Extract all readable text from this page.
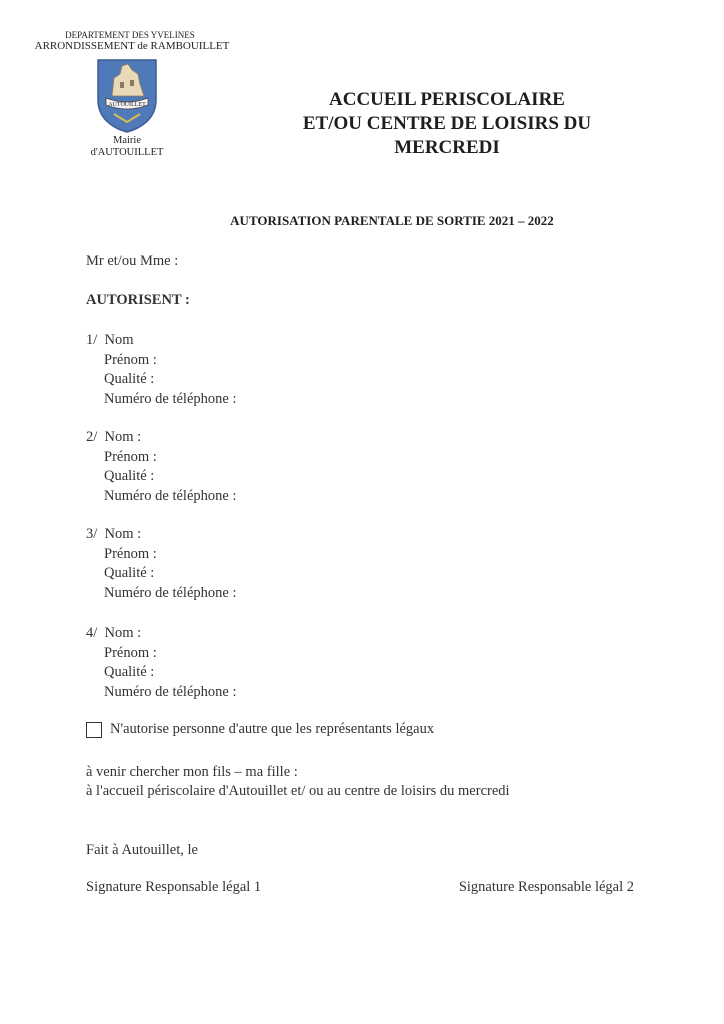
DEPARTEMENT DES YVELINES
ARRONDISSEMENT de RAMBOUILLET
AUTOUILLET
Mairie
d'AUTOUILLET
ACCUEIL PERISCOLAIRE
ET/OU CENTRE DE LOISIRS DU
MERCREDI
AUTORISATION PARENTALE DE SORTIE 2021 – 2022
Mr et/ou Mme :
AUTORISENT :
1/ Nom
Prénom :
Qualité :
Numéro de téléphone :
2/ Nom :
Prénom :
Qualité :
Numéro de téléphone :
3/ Nom :
Prénom :
Qualité :
Numéro de téléphone :
4/ Nom :
Prénom :
Qualité :
Numéro de téléphone :
N'autorise personne d'autre que les représentants légaux
à venir chercher mon fils – ma fille :
à l'accueil périscolaire d'Autouillet et/ ou au centre de loisirs du mercredi
Fait à Autouillet, le
Signature Responsable légal 1	Signature Responsable légal 2
